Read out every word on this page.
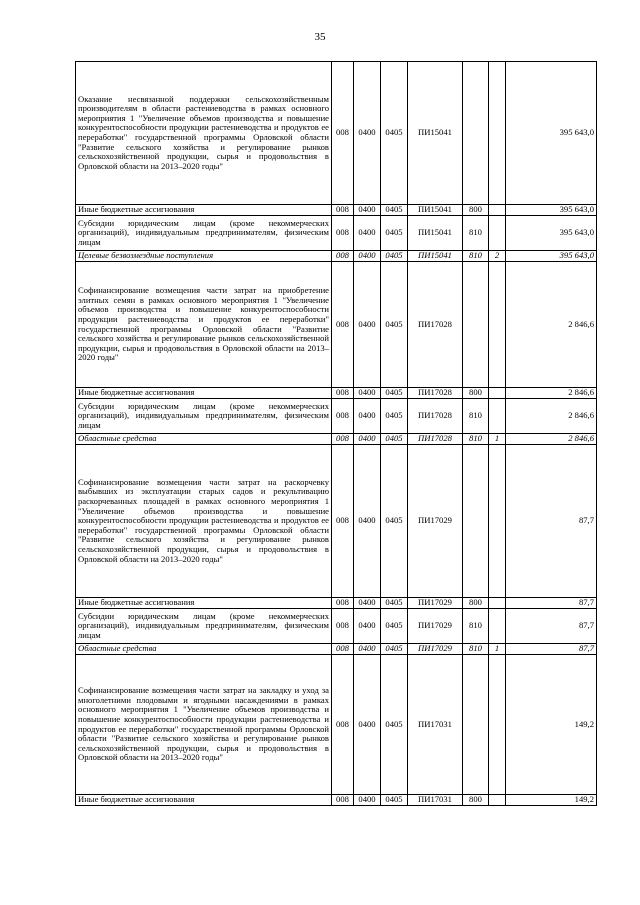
35
Оказание несвязанной поддержки сельскохозяйственным производителям в области растениеводства в рамках основного мероприятия 1 "Увеличение объемов производства и повышение конкурентоспособности продукции растениеводства и продуктов ее переработки" государственной программы Орловской области "Развитие сельского хозяйства и регулирование рынков сельскохозяйственной продукции, сырья и продовольствия в Орловской области на 2013–2020 годы"	008	0400	0405	ПИ15041			395 643,0
Иные бюджетные ассигнования	008	0400	0405	ПИ15041	800		395 643,0
Субсидии юридическим лицам (кроме некоммерческих организаций), индивидуальным предпринимателям, физическим лицам	008	0400	0405	ПИ15041	810		395 643,0
Целевые безвозмездные поступления	008	0400	0405	ПИ15041	810	2	395 643,0
Софинансирование возмещения части затрат на приобретение элитных семян в рамках основного мероприятия 1 "Увеличение объемов производства и повышение конкурентоспособности продукции растениеводства и продуктов ее переработки" государственной программы Орловской области "Развитие сельского хозяйства и регулирование рынков сельскохозяйственной продукции, сырья и продовольствия в Орловской области на 2013–2020 годы"	008	0400	0405	ПИ17028			2 846,6
Иные бюджетные ассигнования	008	0400	0405	ПИ17028	800		2 846,6
Субсидии юридическим лицам (кроме некоммерческих организаций), индивидуальным предпринимателям, физическим лицам	008	0400	0405	ПИ17028	810		2 846,6
Областные средства	008	0400	0405	ПИ17028	810	1	2 846,6
Софинансирование возмещения части затрат на раскорчевку выбывших из эксплуатации старых садов и рекультивацию раскорчеванных площадей в рамках основного мероприятия 1 "Увеличение объемов производства и повышение конкурентоспособности продукции растениеводства и продуктов ее переработки" государственной программы Орловской области "Развитие сельского хозяйства и регулирование рынков сельскохозяйственной продукции, сырья и продовольствия в Орловской области на 2013–2020 годы"	008	0400	0405	ПИ17029			87,7
Иные бюджетные ассигнования	008	0400	0405	ПИ17029	800		87,7
Субсидии юридическим лицам (кроме некоммерческих организаций), индивидуальным предпринимателям, физическим лицам	008	0400	0405	ПИ17029	810		87,7
Областные средства	008	0400	0405	ПИ17029	810	1	87,7
Софинансирование возмещения части затрат на закладку и уход за многолетними плодовыми и ягодными насаждениями в рамках основного мероприятия 1 "Увеличение объемов производства и повышение конкурентоспособности продукции растениеводства и продуктов ее переработки" государственной программы Орловской области "Развитие сельского хозяйства и регулирование рынков сельскохозяйственной продукции, сырья и продовольствия в Орловской области на 2013–2020 годы"	008	0400	0405	ПИ17031			149,2
Иные бюджетные ассигнования	008	0400	0405	ПИ17031	800		149,2
